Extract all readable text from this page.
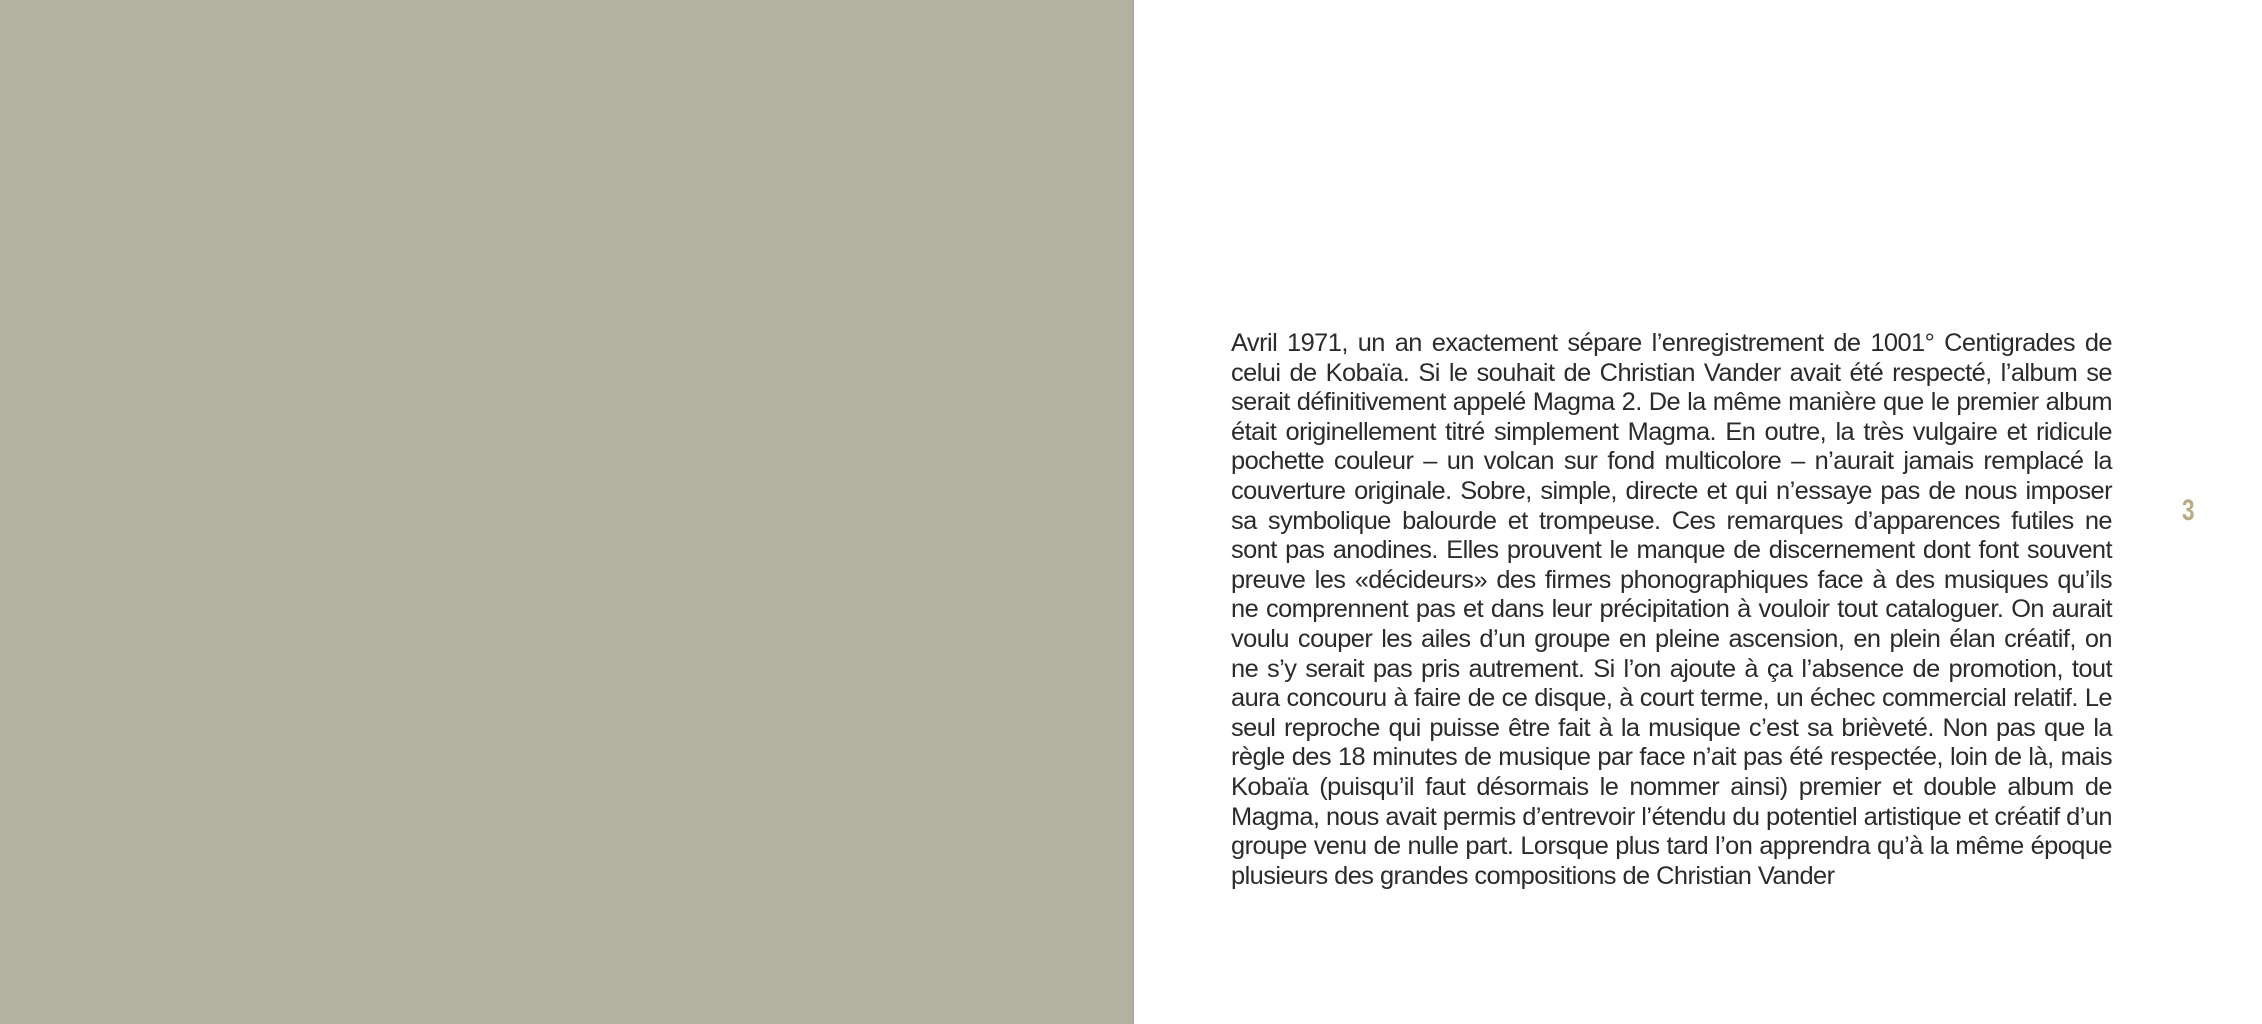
Avril 1971, un an exactement sépare l’enregistrement de 1001° Centigrades de celui de Kobaïa. Si le souhait de Christian Vander avait été respecté, l’album se serait définitivement appelé Magma 2. De la même manière que le premier album était originellement titré simplement Magma. En outre, la très vulgaire et ridicule pochette couleur – un volcan sur fond multicolore – n’aurait jamais remplacé la couverture originale. Sobre, simple, directe et qui n’essaye pas de nous imposer sa symbolique balourde et trompeuse. Ces remarques d’apparences futiles ne sont pas anodines. Elles prouvent le manque de discernement dont font souvent preuve les «décideurs» des firmes phonographiques face à des musiques qu’ils ne comprennent pas et dans leur précipitation à vouloir tout cataloguer. On aurait voulu couper les ailes d’un groupe en pleine ascension, en plein élan créatif, on ne s’y serait pas pris autrement. Si l’on ajoute à ça l’absence de promotion, tout aura concouru à faire de ce disque, à court terme, un échec commercial relatif. Le seul reproche qui puisse être fait à la musique c’est sa brièveté. Non pas que la règle des 18 minutes de musique par face n’ait pas été respectée, loin de là, mais Kobaïa (puisqu’il faut désormais le nommer ainsi) premier et double album de Magma, nous avait permis d’entrevoir l’étendu du potentiel artistique et créatif d’un groupe venu de nulle part. Lorsque plus tard l’on apprendra qu’à la même époque plusieurs des grandes compositions de Christian Vander

3
